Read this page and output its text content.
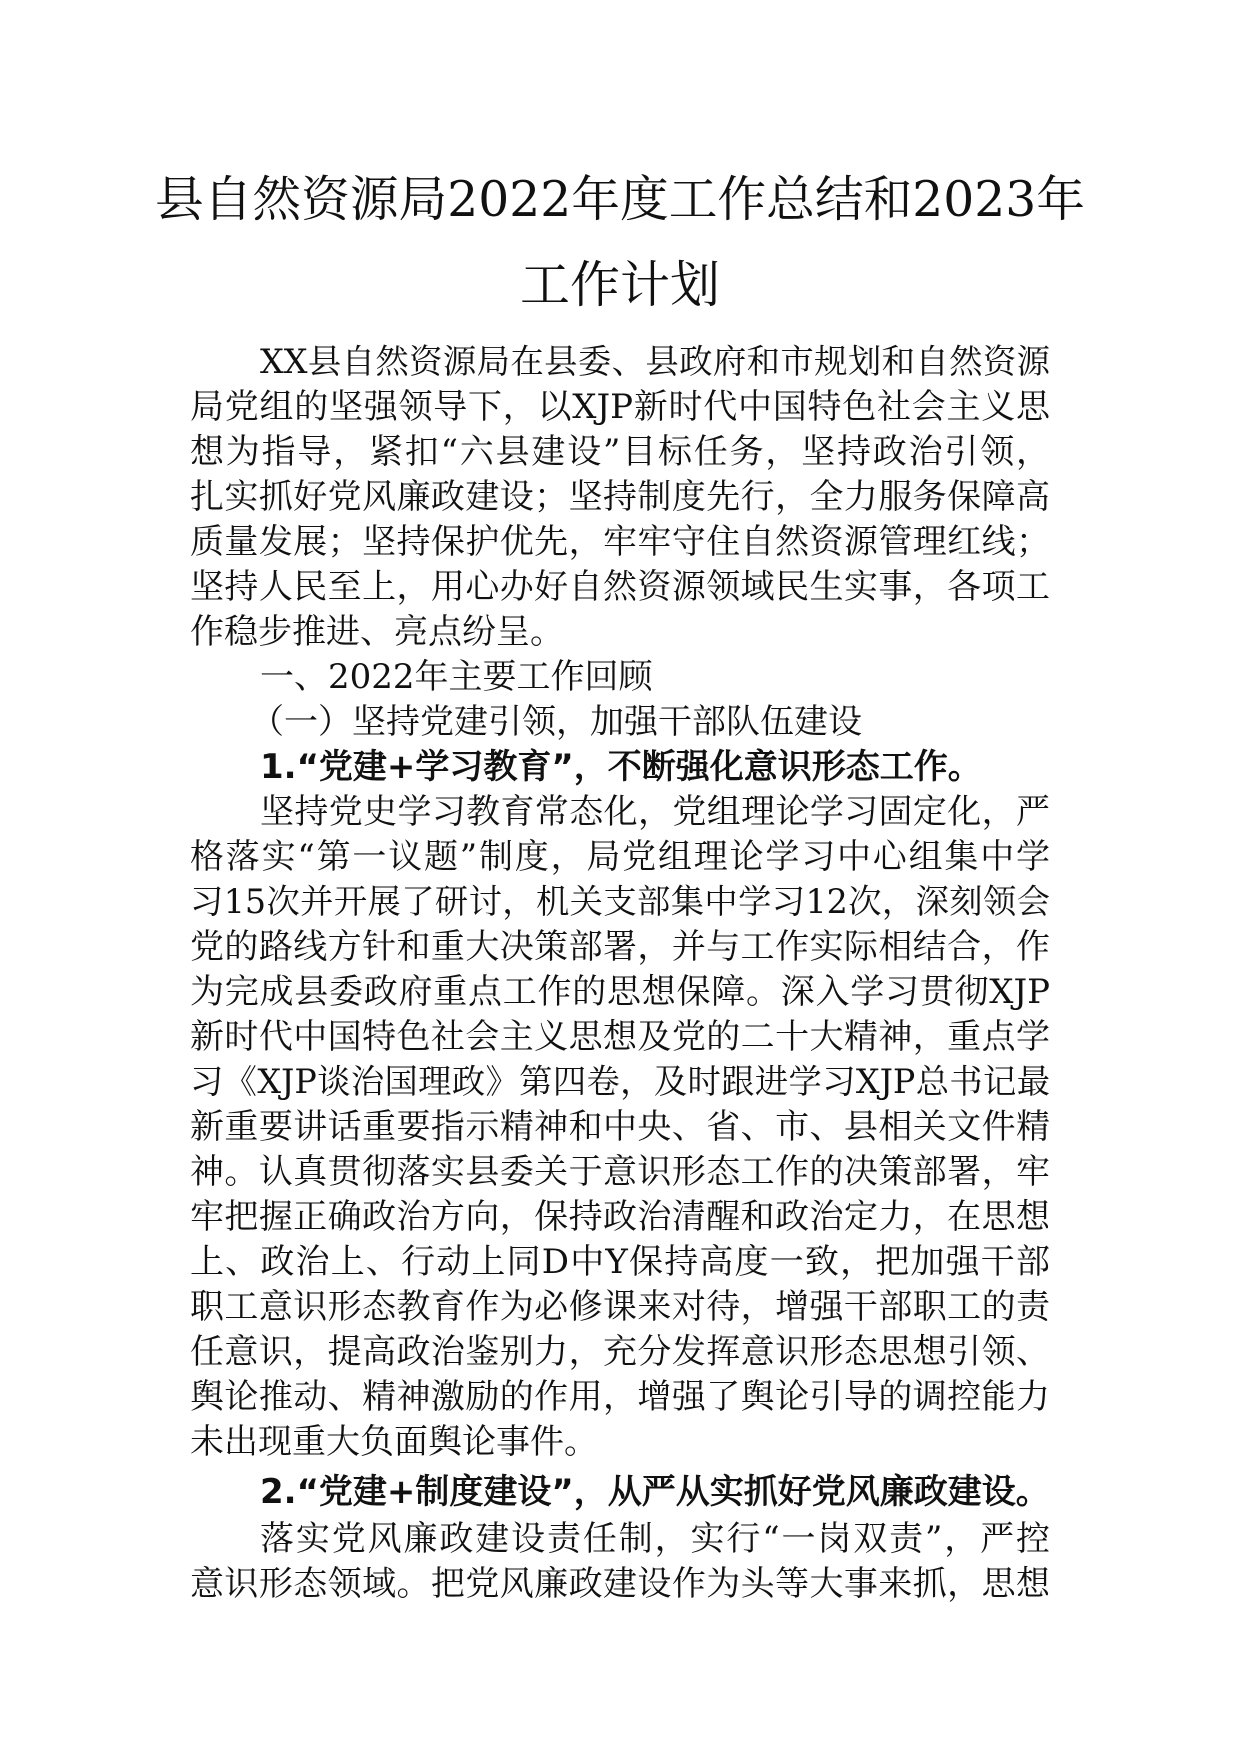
县自然资源局2022年度工作总结和2023年
工作计划
XX县自然资源局在县委、县政府和市规划和自然资源
局党组的坚强领导下，以XJP新时代中国特色社会主义思
想为指导，紧扣“六县建设”目标任务，坚持政治引领，
扎实抓好党风廉政建设；坚持制度先行，全力服务保障高
质量发展；坚持保护优先，牢牢守住自然资源管理红线；
坚持人民至上，用心办好自然资源领域民生实事，各项工
作稳步推进、亮点纷呈。
一、2022年主要工作回顾
（一）坚持党建引领，加强干部队伍建设
1.“党建+学习教育”，不断强化意识形态工作。
坚持党史学习教育常态化，党组理论学习固定化，严
格落实“第一议题”制度，局党组理论学习中心组集中学
习15次并开展了研讨，机关支部集中学习12次，深刻领会
党的路线方针和重大决策部署，并与工作实际相结合，作
为完成县委政府重点工作的思想保障。深入学习贯彻XJP
新时代中国特色社会主义思想及党的二十大精神，重点学
习《XJP谈治国理政》第四卷，及时跟进学习XJP总书记最
新重要讲话重要指示精神和中央、省、市、县相关文件精
神。认真贯彻落实县委关于意识形态工作的决策部署，牢
牢把握正确政治方向，保持政治清醒和政治定力，在思想
上、政治上、行动上同D中Y保持高度一致，把加强干部
职工意识形态教育作为必修课来对待，增强干部职工的责
任意识，提高政治鉴别力，充分发挥意识形态思想引领、
舆论推动、精神激励的作用，增强了舆论引导的调控能力
未出现重大负面舆论事件。
2.“党建+制度建设”，从严从实抓好党风廉政建设。
落实党风廉政建设责任制，实行“一岗双责”，严控
意识形态领域。把党风廉政建设作为头等大事来抓，思想
